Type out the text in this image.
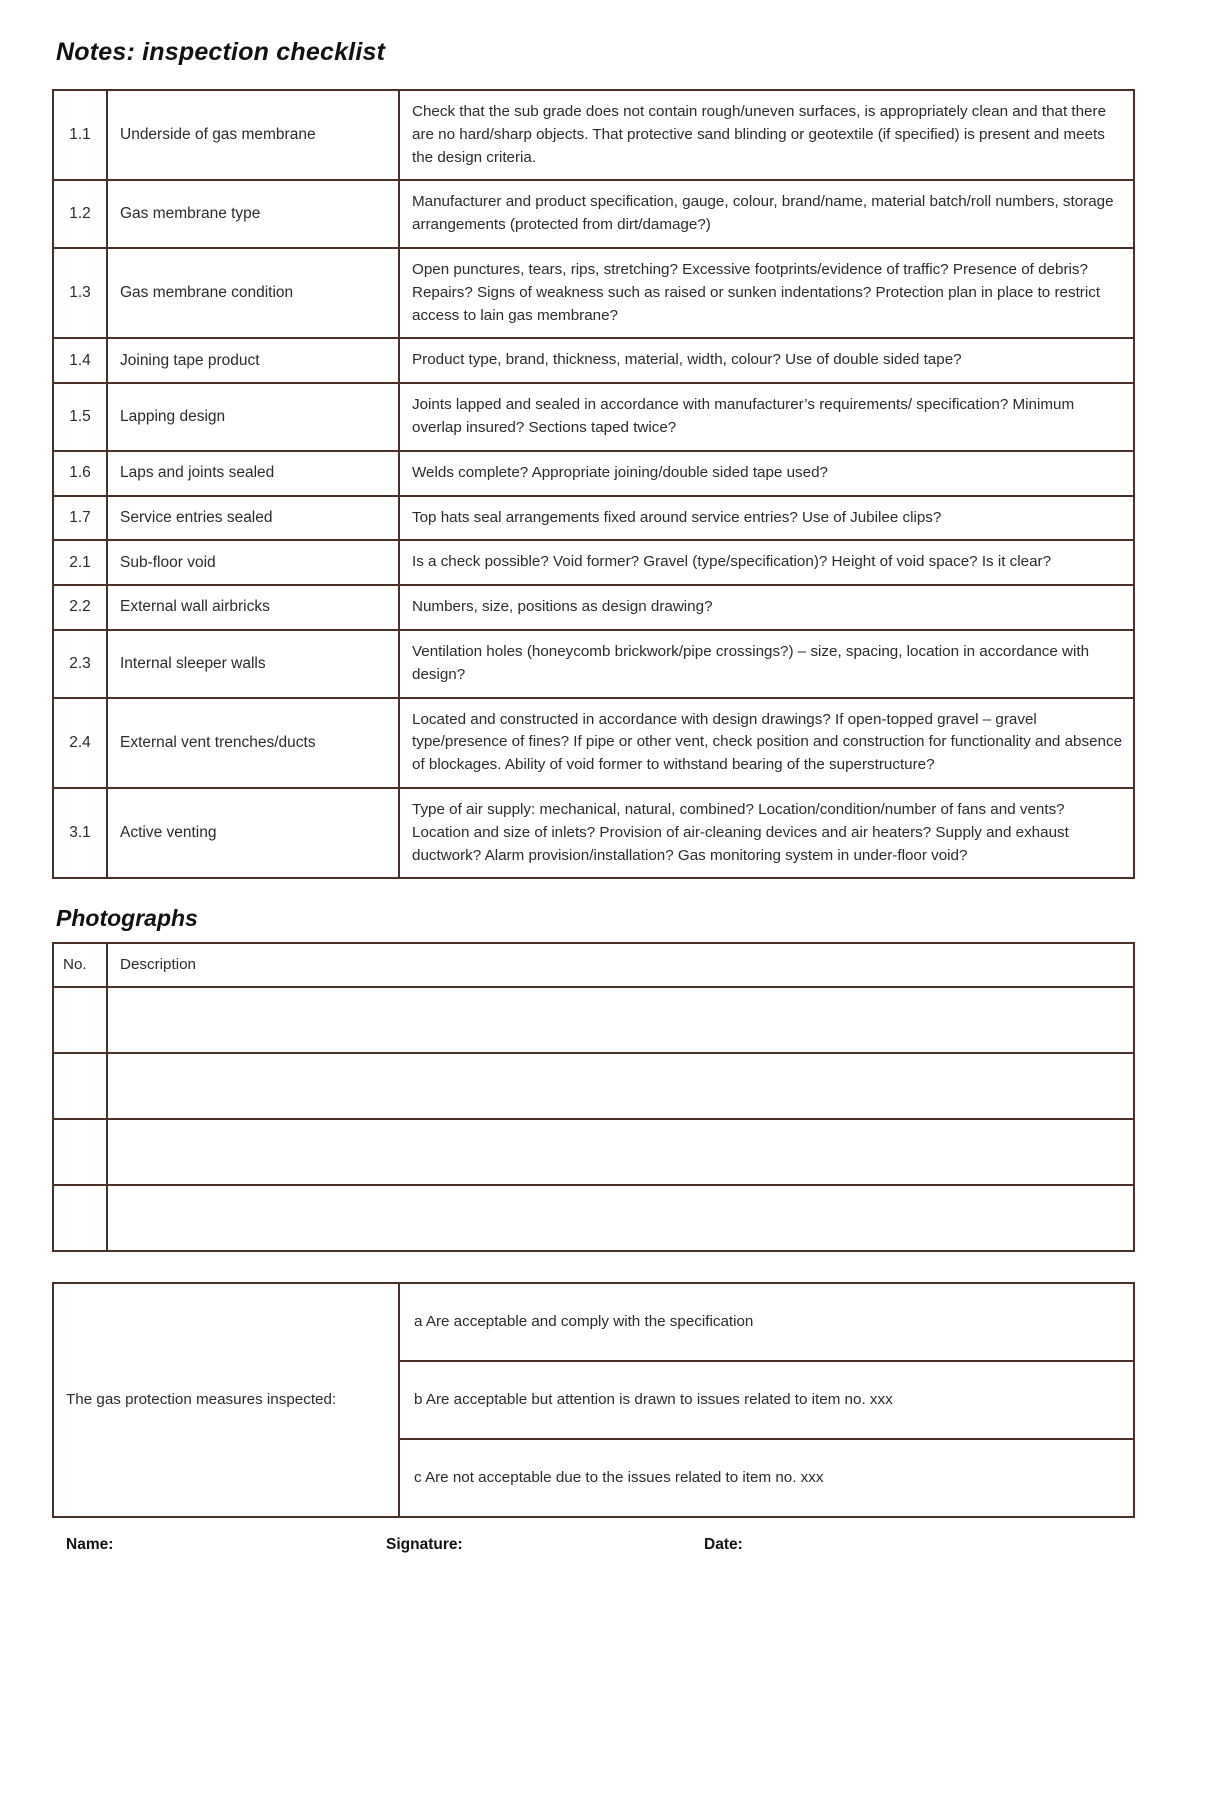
Notes: inspection checklist
1.1	Underside of gas membrane	Check that the sub grade does not contain rough/uneven surfaces, is appropriately clean and that there are no hard/sharp objects. That protective sand blinding or geotextile (if specified) is present and meets the design criteria.
1.2	Gas membrane type	Manufacturer and product specification, gauge, colour, brand/name, material batch/roll numbers, storage arrangements (protected from dirt/damage?)
1.3	Gas membrane condition	Open punctures, tears, rips, stretching? Excessive footprints/evidence of traffic? Presence of debris? Repairs? Signs of weakness such as raised or sunken indentations? Protection plan in place to restrict access to lain gas membrane?
1.4	Joining tape product	Product type, brand, thickness, material, width, colour? Use of double sided tape?
1.5	Lapping design	Joints lapped and sealed in accordance with manufacturer’s requirements/ specification? Minimum overlap insured? Sections taped twice?
1.6	Laps and joints sealed	Welds complete? Appropriate joining/double sided tape used?
1.7	Service entries sealed	Top hats seal arrangements fixed around service entries? Use of Jubilee clips?
2.1	Sub-floor void	Is a check possible? Void former? Gravel (type/specification)? Height of void space? Is it clear?
2.2	External wall airbricks	Numbers, size, positions as design drawing?
2.3	Internal sleeper walls	Ventilation holes (honeycomb brickwork/pipe crossings?) – size, spacing, location in accordance with design?
2.4	External vent trenches/ducts	Located and constructed in accordance with design drawings? If open-topped gravel – gravel type/presence of fines? If pipe or other vent, check position and construction for functionality and absence of blockages. Ability of void former to withstand bearing of the superstructure?
3.1	Active venting	Type of air supply: mechanical, natural, combined? Location/condition/number of fans and vents? Location and size of inlets? Provision of air-cleaning devices and air heaters? Supply and exhaust ductwork? Alarm provision/installation? Gas monitoring system in under-floor void?
Photographs
No.	Description

The gas protection measures inspected:	a Are acceptable and comply with the specification
b Are acceptable but attention is drawn to issues related to item no. xxx
c Are not acceptable due to the issues related to item no. xxx
Name:	Signature:	Date:
